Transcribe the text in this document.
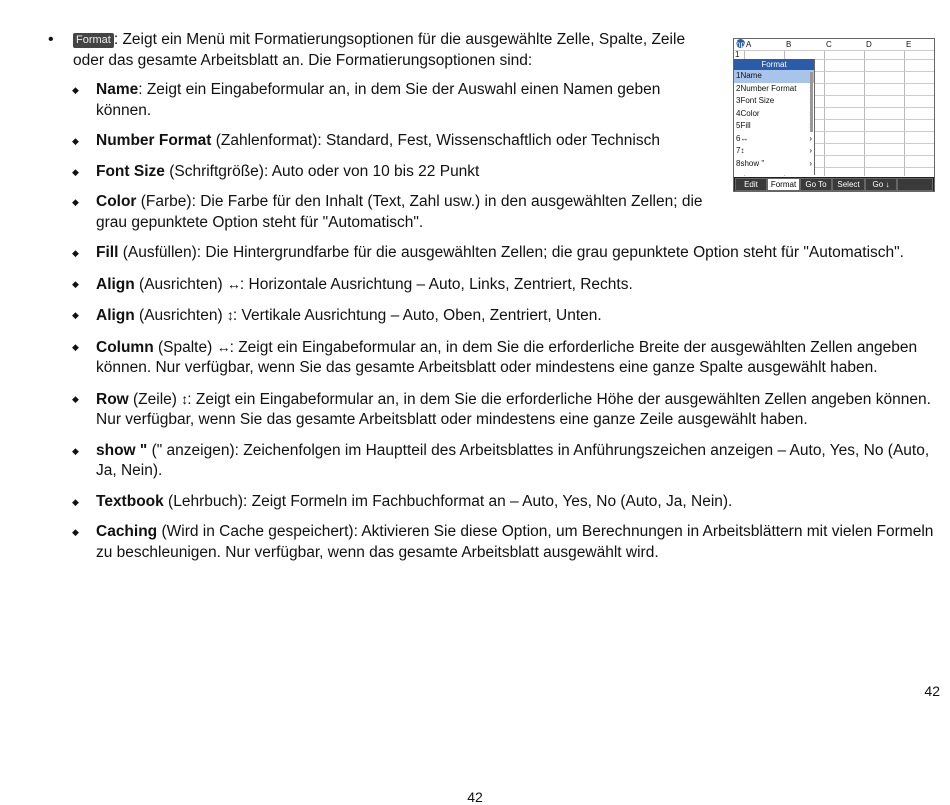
• Format : Zeigt ein Menü mit Formatierungsoptionen für die ausgewählte Zelle, Spalte, Zeile oder das gesamte Arbeitsblatt an. Die Formatierungsoptionen sind:
◆ Name: Zeigt ein Eingabeformular an, in dem Sie der Auswahl einen Namen geben können.
◆ Number Format (Zahlenformat): Standard, Fest, Wissenschaftlich oder Technisch
◆ Font Size (Schriftgröße): Auto oder von 10 bis 22 Punkt
◆ Color (Farbe): Die Farbe für den Inhalt (Text, Zahl usw.) in den ausgewählten Zellen; die grau gepunktete Option steht für "Automatisch".
◆ Fill (Ausfüllen): Die Hintergrundfarbe für die ausgewählten Zellen; die grau gepunktete Option steht für "Automatisch".
◆ Align (Ausrichten) ↔: Horizontale Ausrichtung – Auto, Links, Zentriert, Rechts.
◆ Align (Ausrichten) ↕: Vertikale Ausrichtung – Auto, Oben, Zentriert, Unten.
◆ Column (Spalte) ↔: Zeigt ein Eingabeformular an, in dem Sie die erforderliche Breite der ausgewählten Zellen angeben können. Nur verfügbar, wenn Sie das gesamte Arbeitsblatt oder mindestens eine ganze Spalte ausgewählt haben.
◆ Row (Zeile) ↕: Zeigt ein Eingabeformular an, in dem Sie die erforderliche Höhe der ausgewählten Zellen angeben können. Nur verfügbar, wenn Sie das gesamte Arbeitsblatt oder mindestens eine ganze Zeile ausgewählt haben.
◆ show " (" anzeigen): Zeichenfolgen im Hauptteil des Arbeitsblattes in Anführungszeichen anzeigen – Auto, Yes, No (Auto, Ja, Nein).
◆ Textbook (Lehrbuch): Zeigt Formeln im Fachbuchformat an – Auto, Yes, No (Auto, Ja, Nein).
◆ Caching (Wird in Cache gespeichert): Aktivieren Sie diese Option, um Berechnungen in Arbeitsblättern mit vielen Formeln zu beschleunigen. Nur verfügbar, wenn das gesamte Arbeitsblatt ausgewählt wird.
hp A	B	C	D	E
1
Format
1Name
2Number Format
3Font Size
4Color
5Fill
6↔	›
7↕	›
8show "	›
Edit	Format	Go To	Select	Go ↓
42
42
